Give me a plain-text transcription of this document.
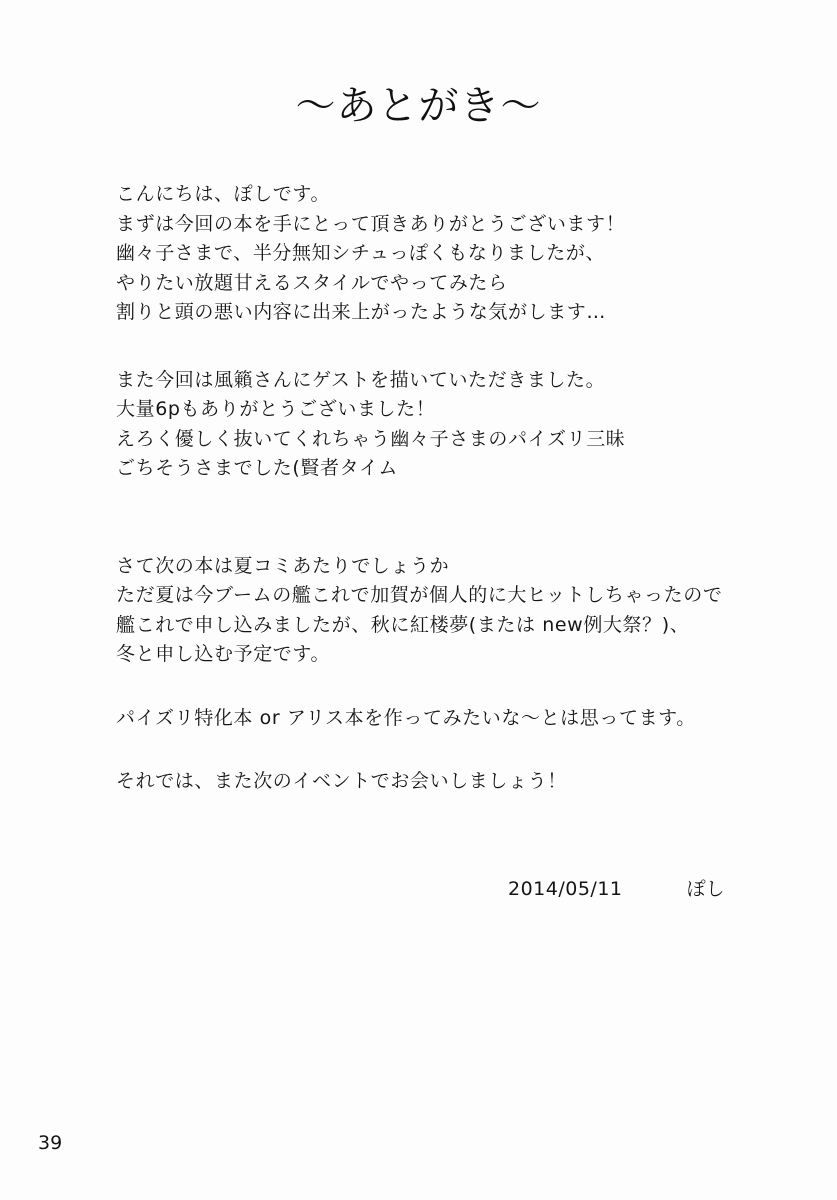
～あとがき～
こんにちは、ぽしです。
まずは今回の本を手にとって頂きありがとうございます！
幽々子さまで、半分無知シチュっぽくもなりましたが、
やりたい放題甘えるスタイルでやってみたら
割りと頭の悪い内容に出来上がったような気がします…
また今回は風籟さんにゲストを描いていただきました。
大量6pもありがとうございました！
えろく優しく抜いてくれちゃう幽々子さまのパイズリ三昧
ごちそうさまでした(賢者タイム
さて次の本は夏コミあたりでしょうか
ただ夏は今ブームの艦これで加賀が個人的に大ヒットしちゃったので
艦これで申し込みましたが、秋に紅楼夢(または new例大祭？)、
冬と申し込む予定です。
パイズリ特化本 or アリス本を作ってみたいな～とは思ってます。
それでは、また次のイベントでお会いしましょう！
2014/05/11	ぽし
39
